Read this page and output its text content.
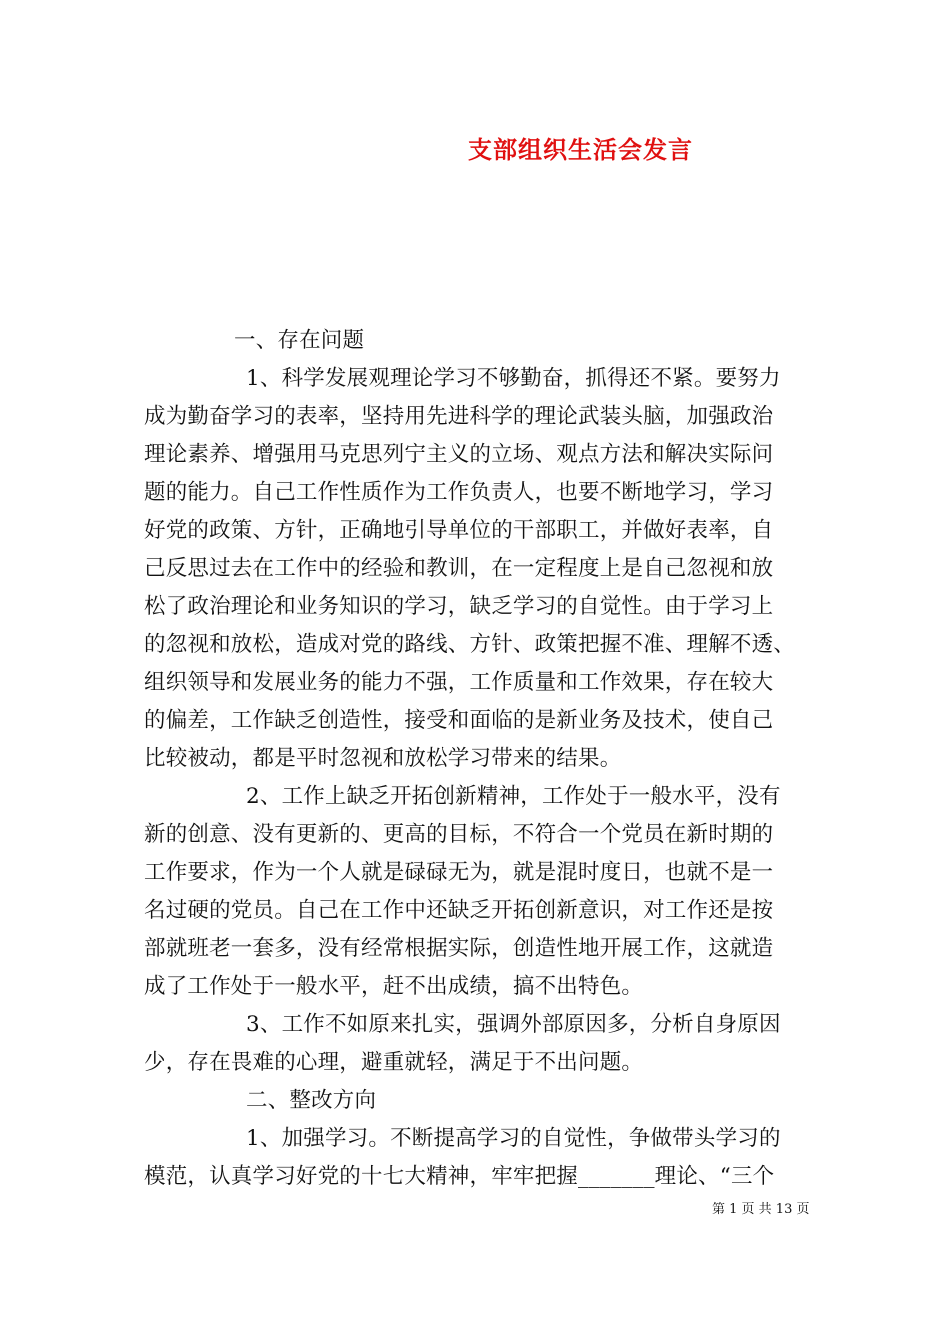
支部组织生活会发言
一、存在问题
1、科学发展观理论学习不够勤奋，抓得还不紧。要努力
成为勤奋学习的表率，坚持用先进科学的理论武装头脑，加强政治
理论素养、增强用马克思列宁主义的立场、观点方法和解决实际问
题的能力。自己工作性质作为工作负责人，也要不断地学习，学习
好党的政策、方针，正确地引导单位的干部职工，并做好表率，自
己反思过去在工作中的经验和教训，在一定程度上是自己忽视和放
松了政治理论和业务知识的学习，缺乏学习的自觉性。由于学习上
的忽视和放松，造成对党的路线、方针、政策把握不准、理解不透、
组织领导和发展业务的能力不强，工作质量和工作效果，存在较大
的偏差，工作缺乏创造性，接受和面临的是新业务及技术，使自己
比较被动，都是平时忽视和放松学习带来的结果。
2、工作上缺乏开拓创新精神，工作处于一般水平，没有
新的创意、没有更新的、更高的目标，不符合一个党员在新时期的
工作要求，作为一个人就是碌碌无为，就是混时度日，也就不是一
名过硬的党员。自己在工作中还缺乏开拓创新意识，对工作还是按
部就班老一套多，没有经常根据实际，创造性地开展工作，这就造
成了工作处于一般水平，赶不出成绩，搞不出特色。
3、工作不如原来扎实，强调外部原因多，分析自身原因
少，存在畏难的心理，避重就轻，满足于不出问题。
二、整改方向
1、加强学习。不断提高学习的自觉性，争做带头学习的
模范，认真学习好党的十七大精神，牢牢把握_______理论、“三个
第 1 页 共 13 页
